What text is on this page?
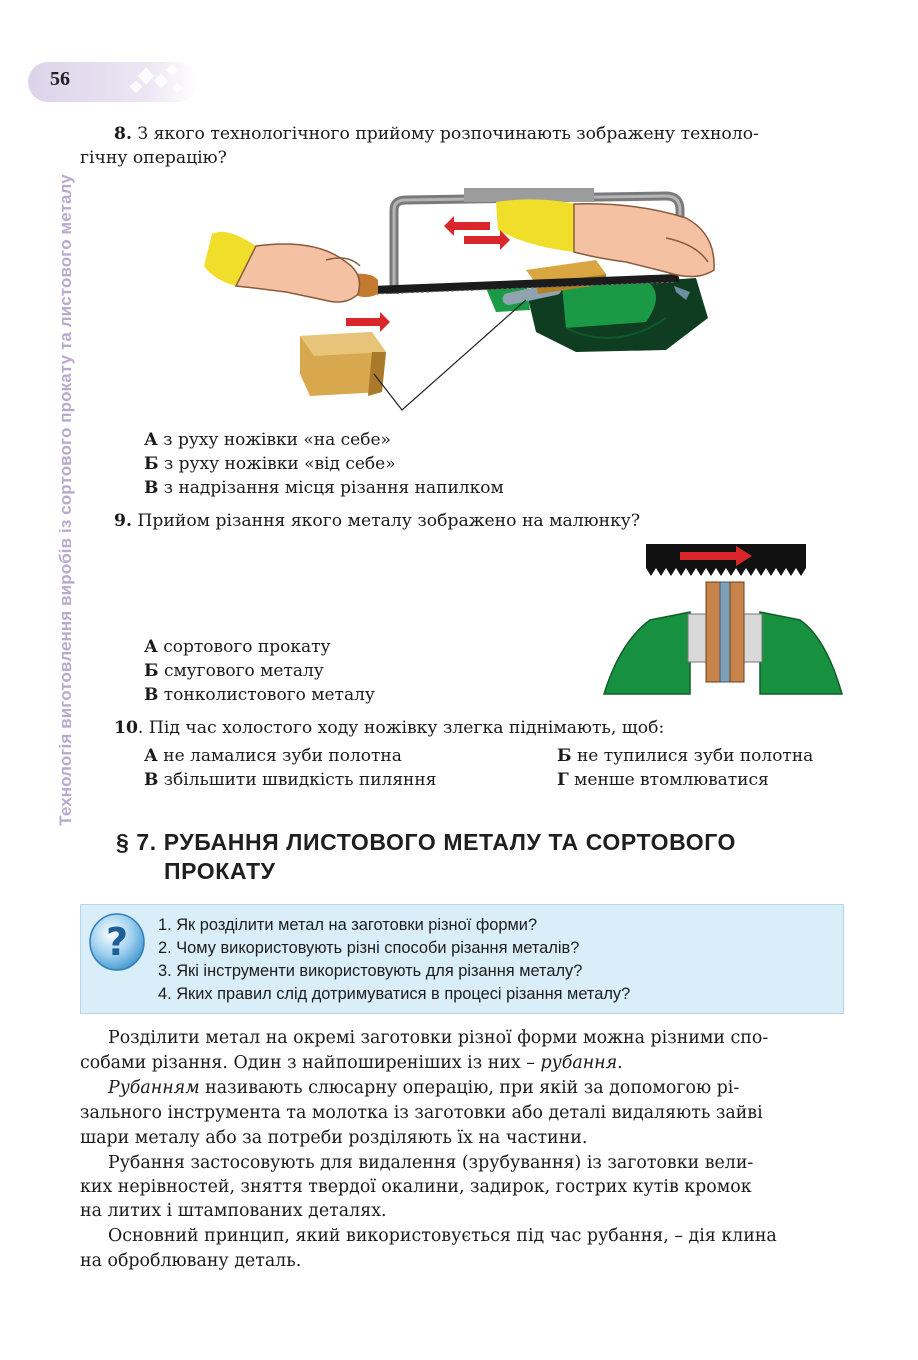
Технологія виготовлення виробів із сортового прокату та листового металу
56
8. З якого технологічного прийому розпочинають зображену техноло-
гічну операцію?
А з руху ножівки «на себе»
Б з руху ножівки «від себе»
В з надрізання місця різання напилком
9. Прийом різання якого металу зображено на малюнку?
А сортового прокату
Б смугового металу
В тонколистового металу
10. Під час холостого ходу ножівку злегка піднімають, щоб:
А не ламалися зуби полотна	Б не тупилися зуби полотна
В збільшити швидкість пиляння	Г менше втомлюватися
§ 7. РУБАННЯ ЛИСТОВОГО МЕТАЛУ ТА СОРТОВОГО
ПРОКАТУ
? 1. Як розділити метал на заготовки різної форми?
2. Чому використовують різні способи різання металів?
3. Які інструменти використовують для різання металу?
4. Яких правил слід дотримуватися в процесі різання металу?
Розділити метал на окремі заготовки різної форми можна різними спо-
собами різання. Один з найпоширеніших із них – рубання.
Рубанням називають слюсарну операцію, при якій за допомогою рі-
зального інструмента та молотка із заготовки або деталі видаляють зайві
шари металу або за потреби розділяють їх на частини.
Рубання застосовують для видалення (зрубування) із заготовки вели-
ких нерівностей, зняття твердої окалини, задирок, гострих кутів кромок
на литих і штампованих деталях.
Основний принцип, який використовується під час рубання, – дія клина
на оброблювану деталь.
